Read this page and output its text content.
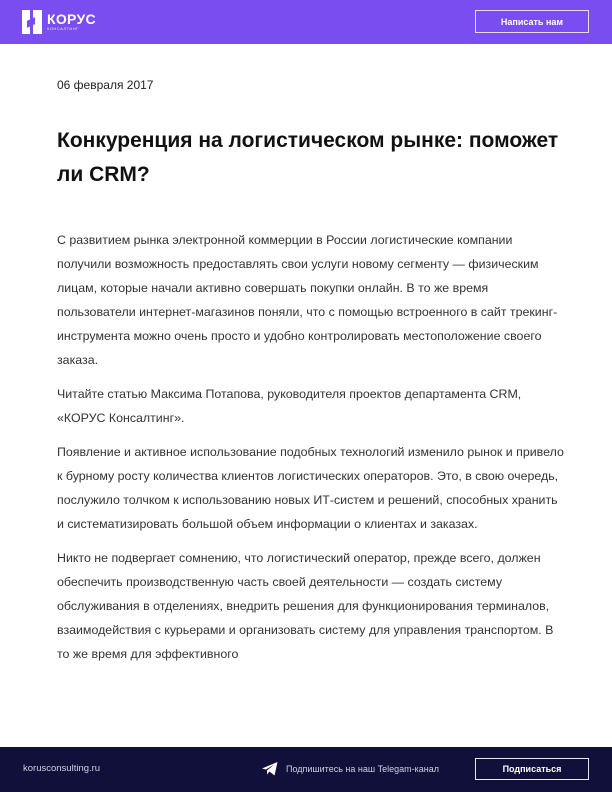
КОРУС
КОНСАЛТИНГ
Написать нам
06 февраля 2017
Конкуренция на логистическом рынке: поможет ли CRM?

С развитием рынка электронной коммерции в России логистические компании получили возможность предоставлять свои услуги новому сегменту — физическим лицам, которые начали активно совершать покупки онлайн. В то же время пользователи интернет-магазинов поняли, что с помощью встроенного в сайт трекинг-инструмента можно очень просто и удобно контролировать местоположение своего заказа.

Читайте статью Максима Потапова, руководителя проектов департамента CRM, «КОРУС Консалтинг».

Появление и активное использование подобных технологий изменило рынок и привело к бурному росту количества клиентов логистических операторов. Это, в свою очередь, послужило толчком к использованию новых ИТ-систем и решений, способных хранить и систематизировать большой объем информации о клиентах и заказах.

Никто не подвергает сомнению, что логистический оператор, прежде всего, должен обеспечить производственную часть своей деятельности — создать систему обслуживания в отделениях, внедрить решения для функционирования терминалов, взаимодействия с курьерами и организовать систему для управления транспортом. В то же время для эффективного

korusconsulting.ru	Подпишитесь на наш Telegam-канал	Подписаться
